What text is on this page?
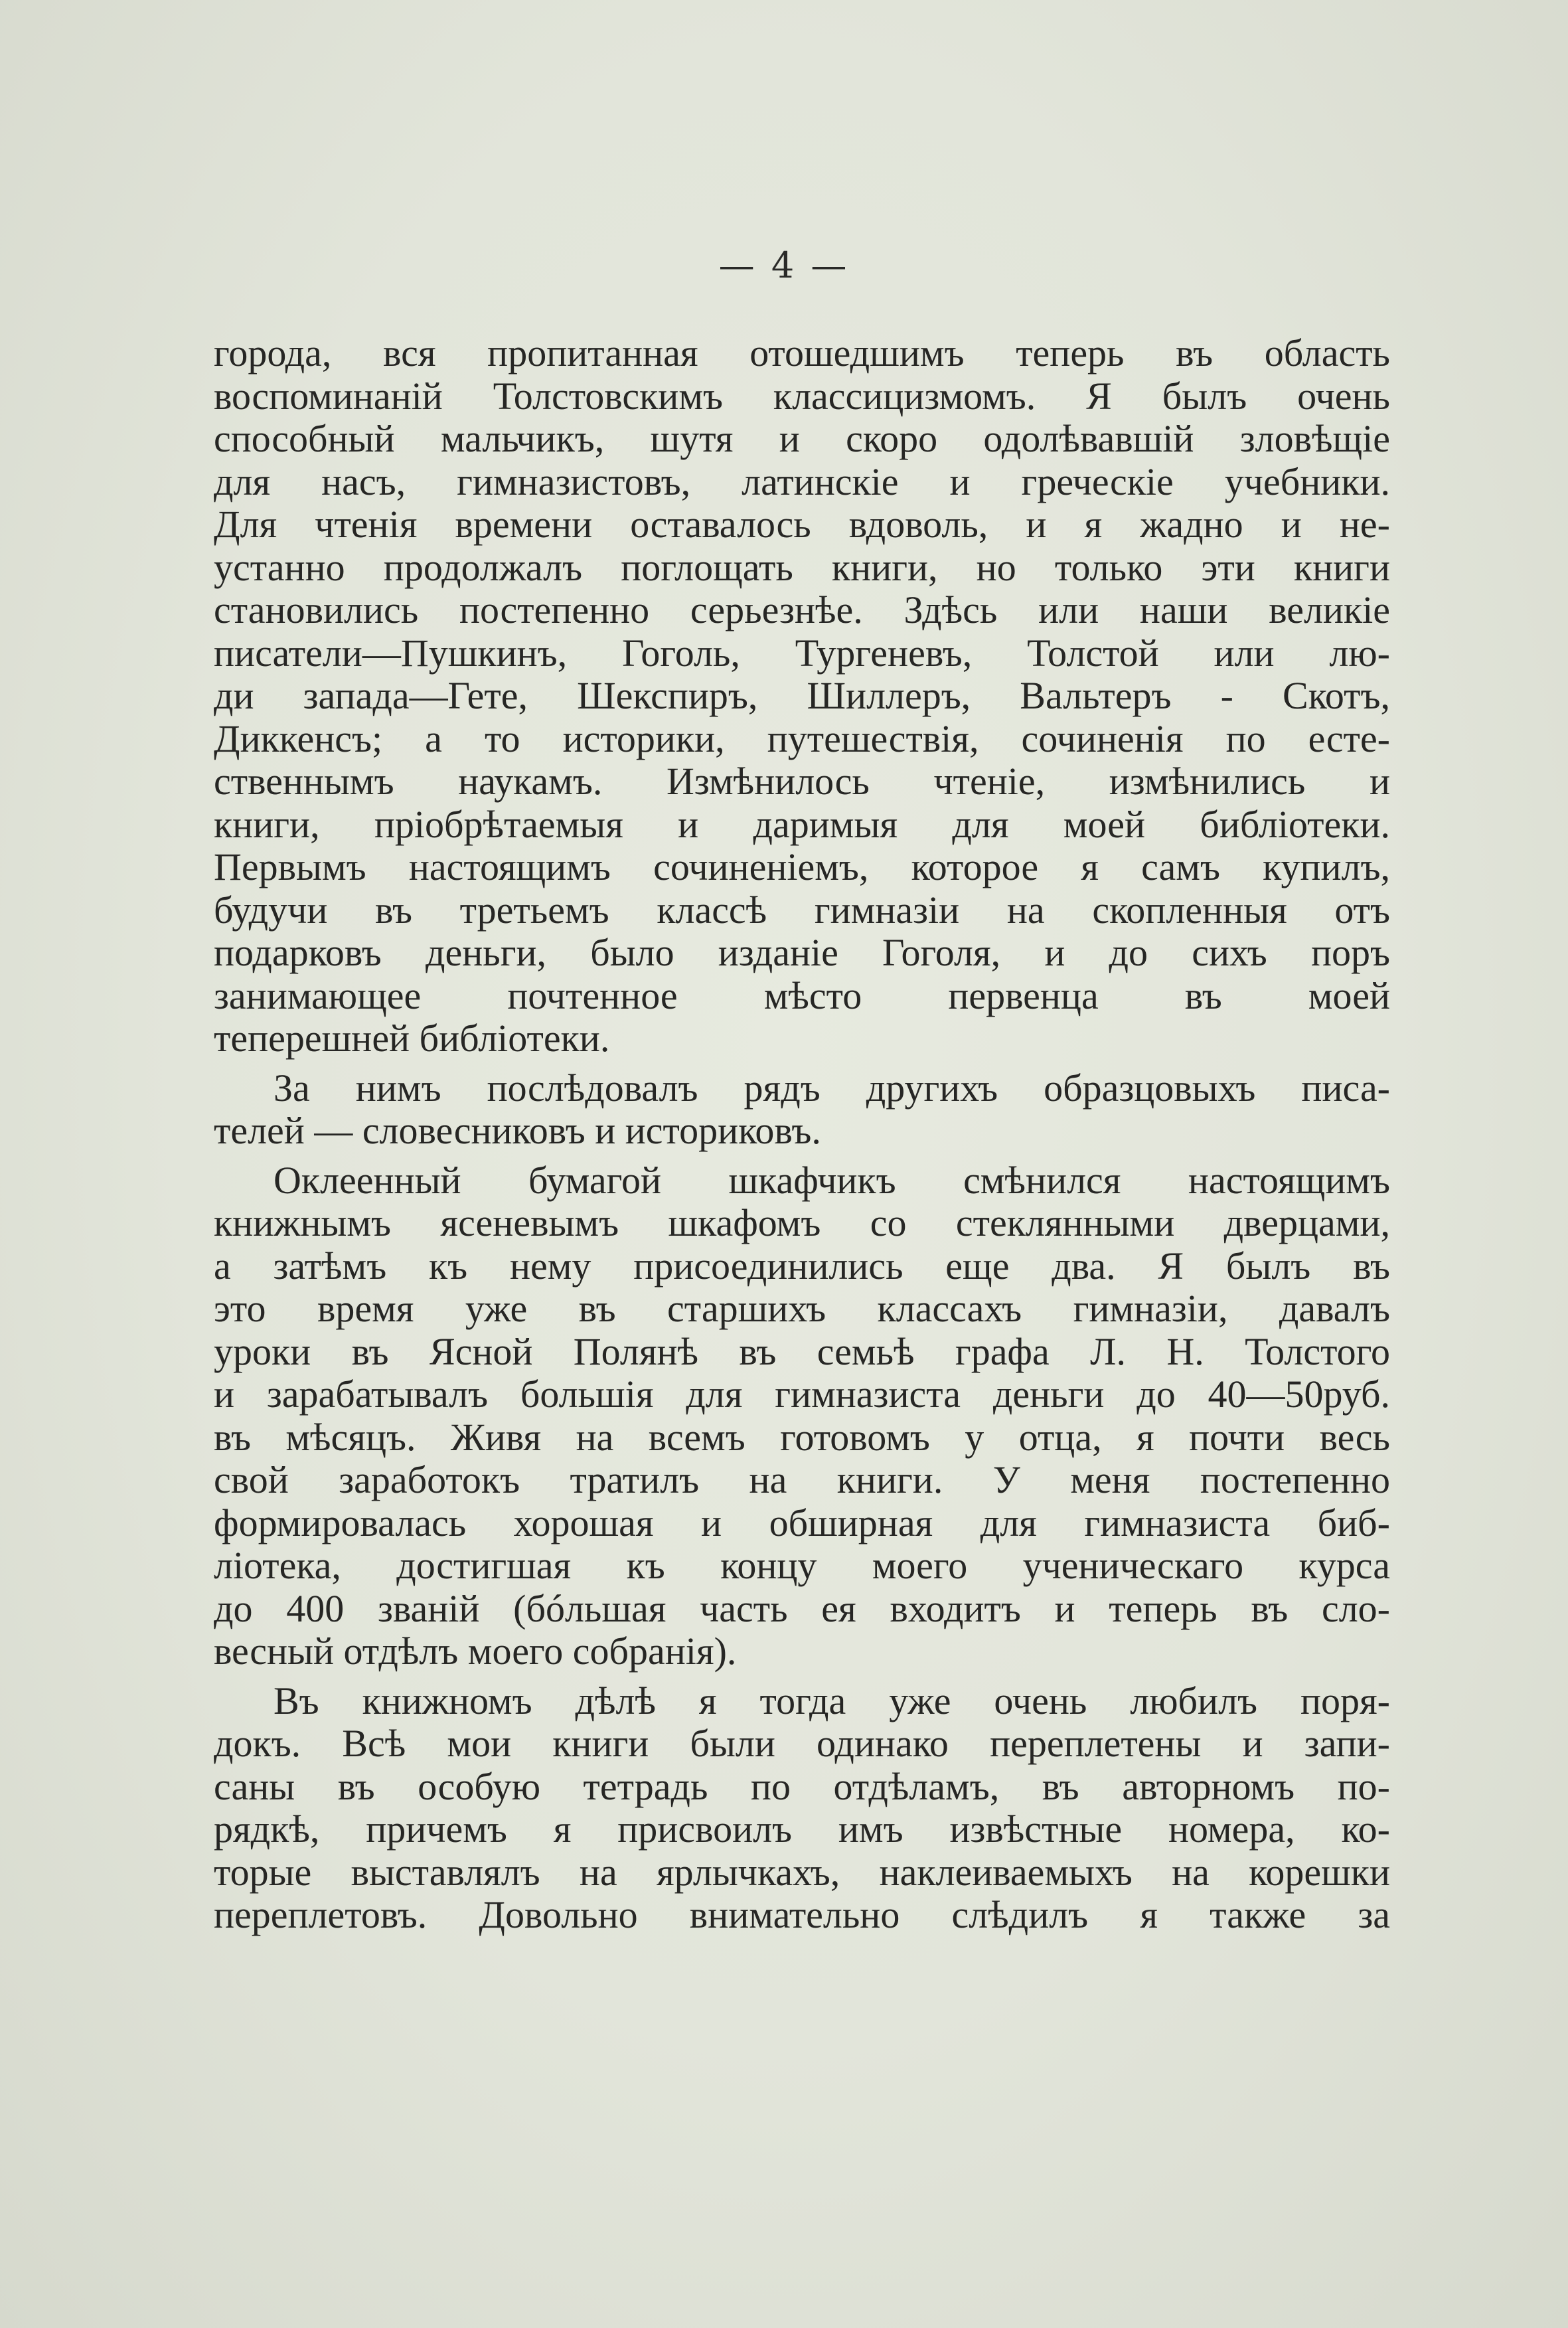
— 4 —
города, вся пропитанная отошедшимъ теперь въ область
воспоминаній Толстовскимъ классицизмомъ. Я былъ очень
способный мальчикъ, шутя и скоро одолѣвавшій зловѣщіе
для насъ, гимназистовъ, латинскіе и греческіе учебники.
Для чтенія времени оставалось вдоволь, и я жадно и не-
устанно продолжалъ поглощать книги, но только эти книги
становились постепенно серьезнѣе. Здѣсь или наши великіе
писатели—Пушкинъ, Гоголь, Тургеневъ, Толстой или лю-
ди запада—Гете, Шекспиръ, Шиллеръ, Вальтеръ - Скотъ,
Диккенсъ; а то историки, путешествія, сочиненія по есте-
ственнымъ наукамъ. Измѣнилось чтеніе, измѣнились и
книги, пріобрѣтаемыя и даримыя для моей библіотеки.
Первымъ настоящимъ сочиненіемъ, которое я самъ купилъ,
будучи въ третьемъ классѣ гимназіи на скопленныя отъ
подарковъ деньги, было изданіе Гоголя, и до сихъ поръ
занимающее почтенное мѣсто первенца въ моей
теперешней библіотеки.
За нимъ послѣдовалъ рядъ другихъ образцовыхъ писа-
телей — словесниковъ и историковъ.
Оклеенный бумагой шкафчикъ смѣнился настоящимъ
книжнымъ ясеневымъ шкафомъ со стеклянными дверцами,
а затѣмъ къ нему присоединились еще два. Я былъ въ
это время уже въ старшихъ классахъ гимназіи, давалъ
уроки въ Ясной Полянѣ въ семьѣ графа Л. Н. Толстого
и зарабатывалъ большія для гимназиста деньги до 40—50руб.
въ мѣсяцъ. Живя на всемъ готовомъ у отца, я почти весь
свой заработокъ тратилъ на книги. У меня постепенно
формировалась хорошая и обширная для гимназиста биб-
ліотека, достигшая къ концу моего ученическаго курса
до 400 званій (бóльшая часть ея входитъ и теперь въ сло-
весный отдѣлъ моего собранія).
Въ книжномъ дѣлѣ я тогда уже очень любилъ поря-
докъ. Всѣ мои книги были одинако переплетены и запи-
саны въ особую тетрадь по отдѣламъ, въ авторномъ по-
рядкѣ, причемъ я присвоилъ имъ извѣстные номера, ко-
торые выставлялъ на ярлычкахъ, наклеиваемыхъ на корешки
переплетовъ. Довольно внимательно слѣдилъ я также за
